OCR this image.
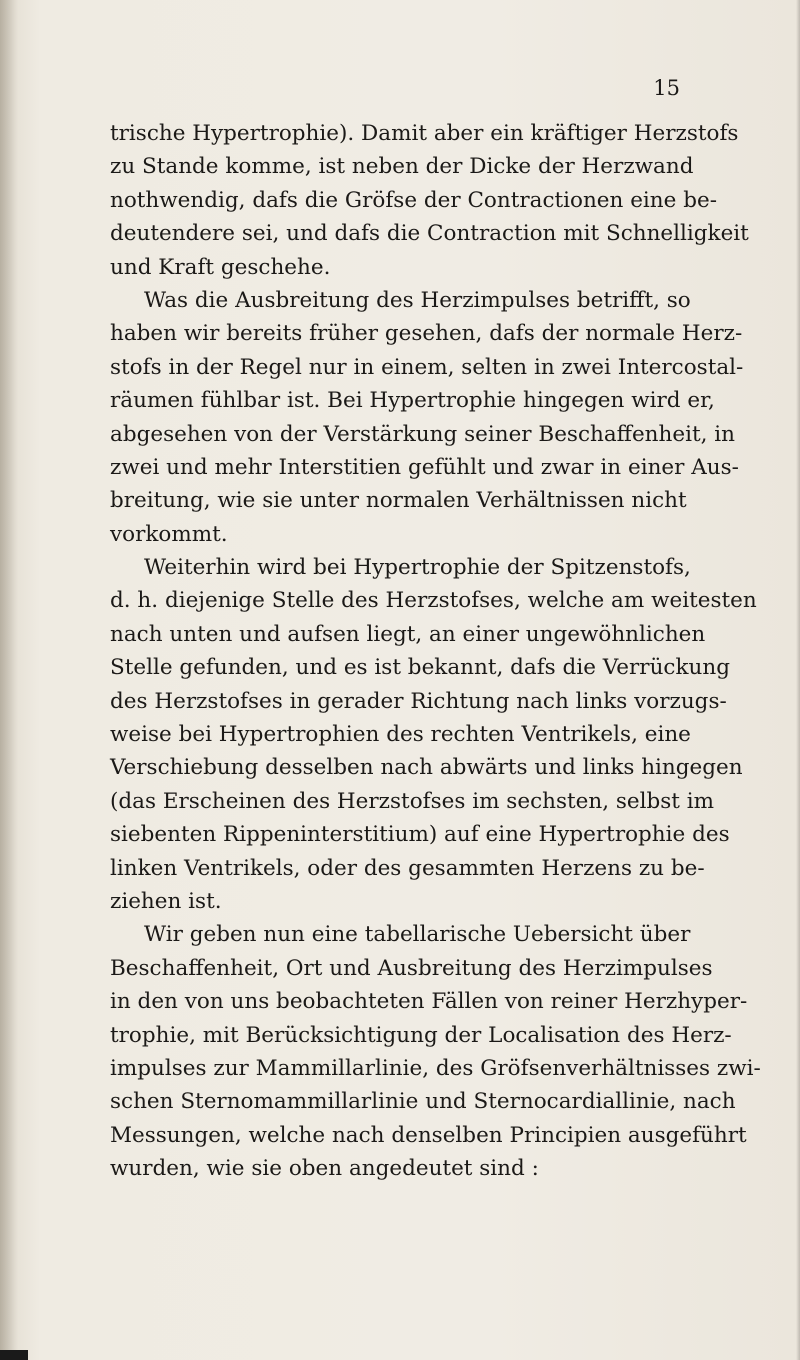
15

trische Hypertrophie). Damit aber ein kräftiger Herzstofs
zu Stande komme, ist neben der Dicke der Herzwand
nothwendig, dafs die Gröfse der Contractionen eine be-
deutendere sei, und dafs die Contraction mit Schnelligkeit
und Kraft geschehe.

Was die Ausbreitung des Herzimpulses betrifft, so
haben wir bereits früher gesehen, dafs der normale Herz-
stofs in der Regel nur in einem, selten in zwei Intercostal-
räumen fühlbar ist. Bei Hypertrophie hingegen wird er,
abgesehen von der Verstärkung seiner Beschaffenheit, in
zwei und mehr Interstitien gefühlt und zwar in einer Aus-
breitung, wie sie unter normalen Verhältnissen nicht
vorkommt.

Weiterhin wird bei Hypertrophie der Spitzenstofs,
d. h. diejenige Stelle des Herzstofses, welche am weitesten
nach unten und aufsen liegt, an einer ungewöhnlichen
Stelle gefunden, und es ist bekannt, dafs die Verrückung
des Herzstofses in gerader Richtung nach links vorzugs-
weise bei Hypertrophien des rechten Ventrikels, eine
Verschiebung desselben nach abwärts und links hingegen
(das Erscheinen des Herzstofses im sechsten, selbst im
siebenten Rippeninterstitium) auf eine Hypertrophie des
linken Ventrikels, oder des gesammten Herzens zu be-
ziehen ist.

Wir geben nun eine tabellarische Uebersicht über
Beschaffenheit, Ort und Ausbreitung des Herzimpulses
in den von uns beobachteten Fällen von reiner Herzhyper-
trophie, mit Berücksichtigung der Localisation des Herz-
impulses zur Mammillarlinie, des Gröfsenverhältnisses zwi-
schen Sternomammillarlinie und Sternocardiallinie, nach
Messungen, welche nach denselben Principien ausgeführt
wurden, wie sie oben angedeutet sind :
